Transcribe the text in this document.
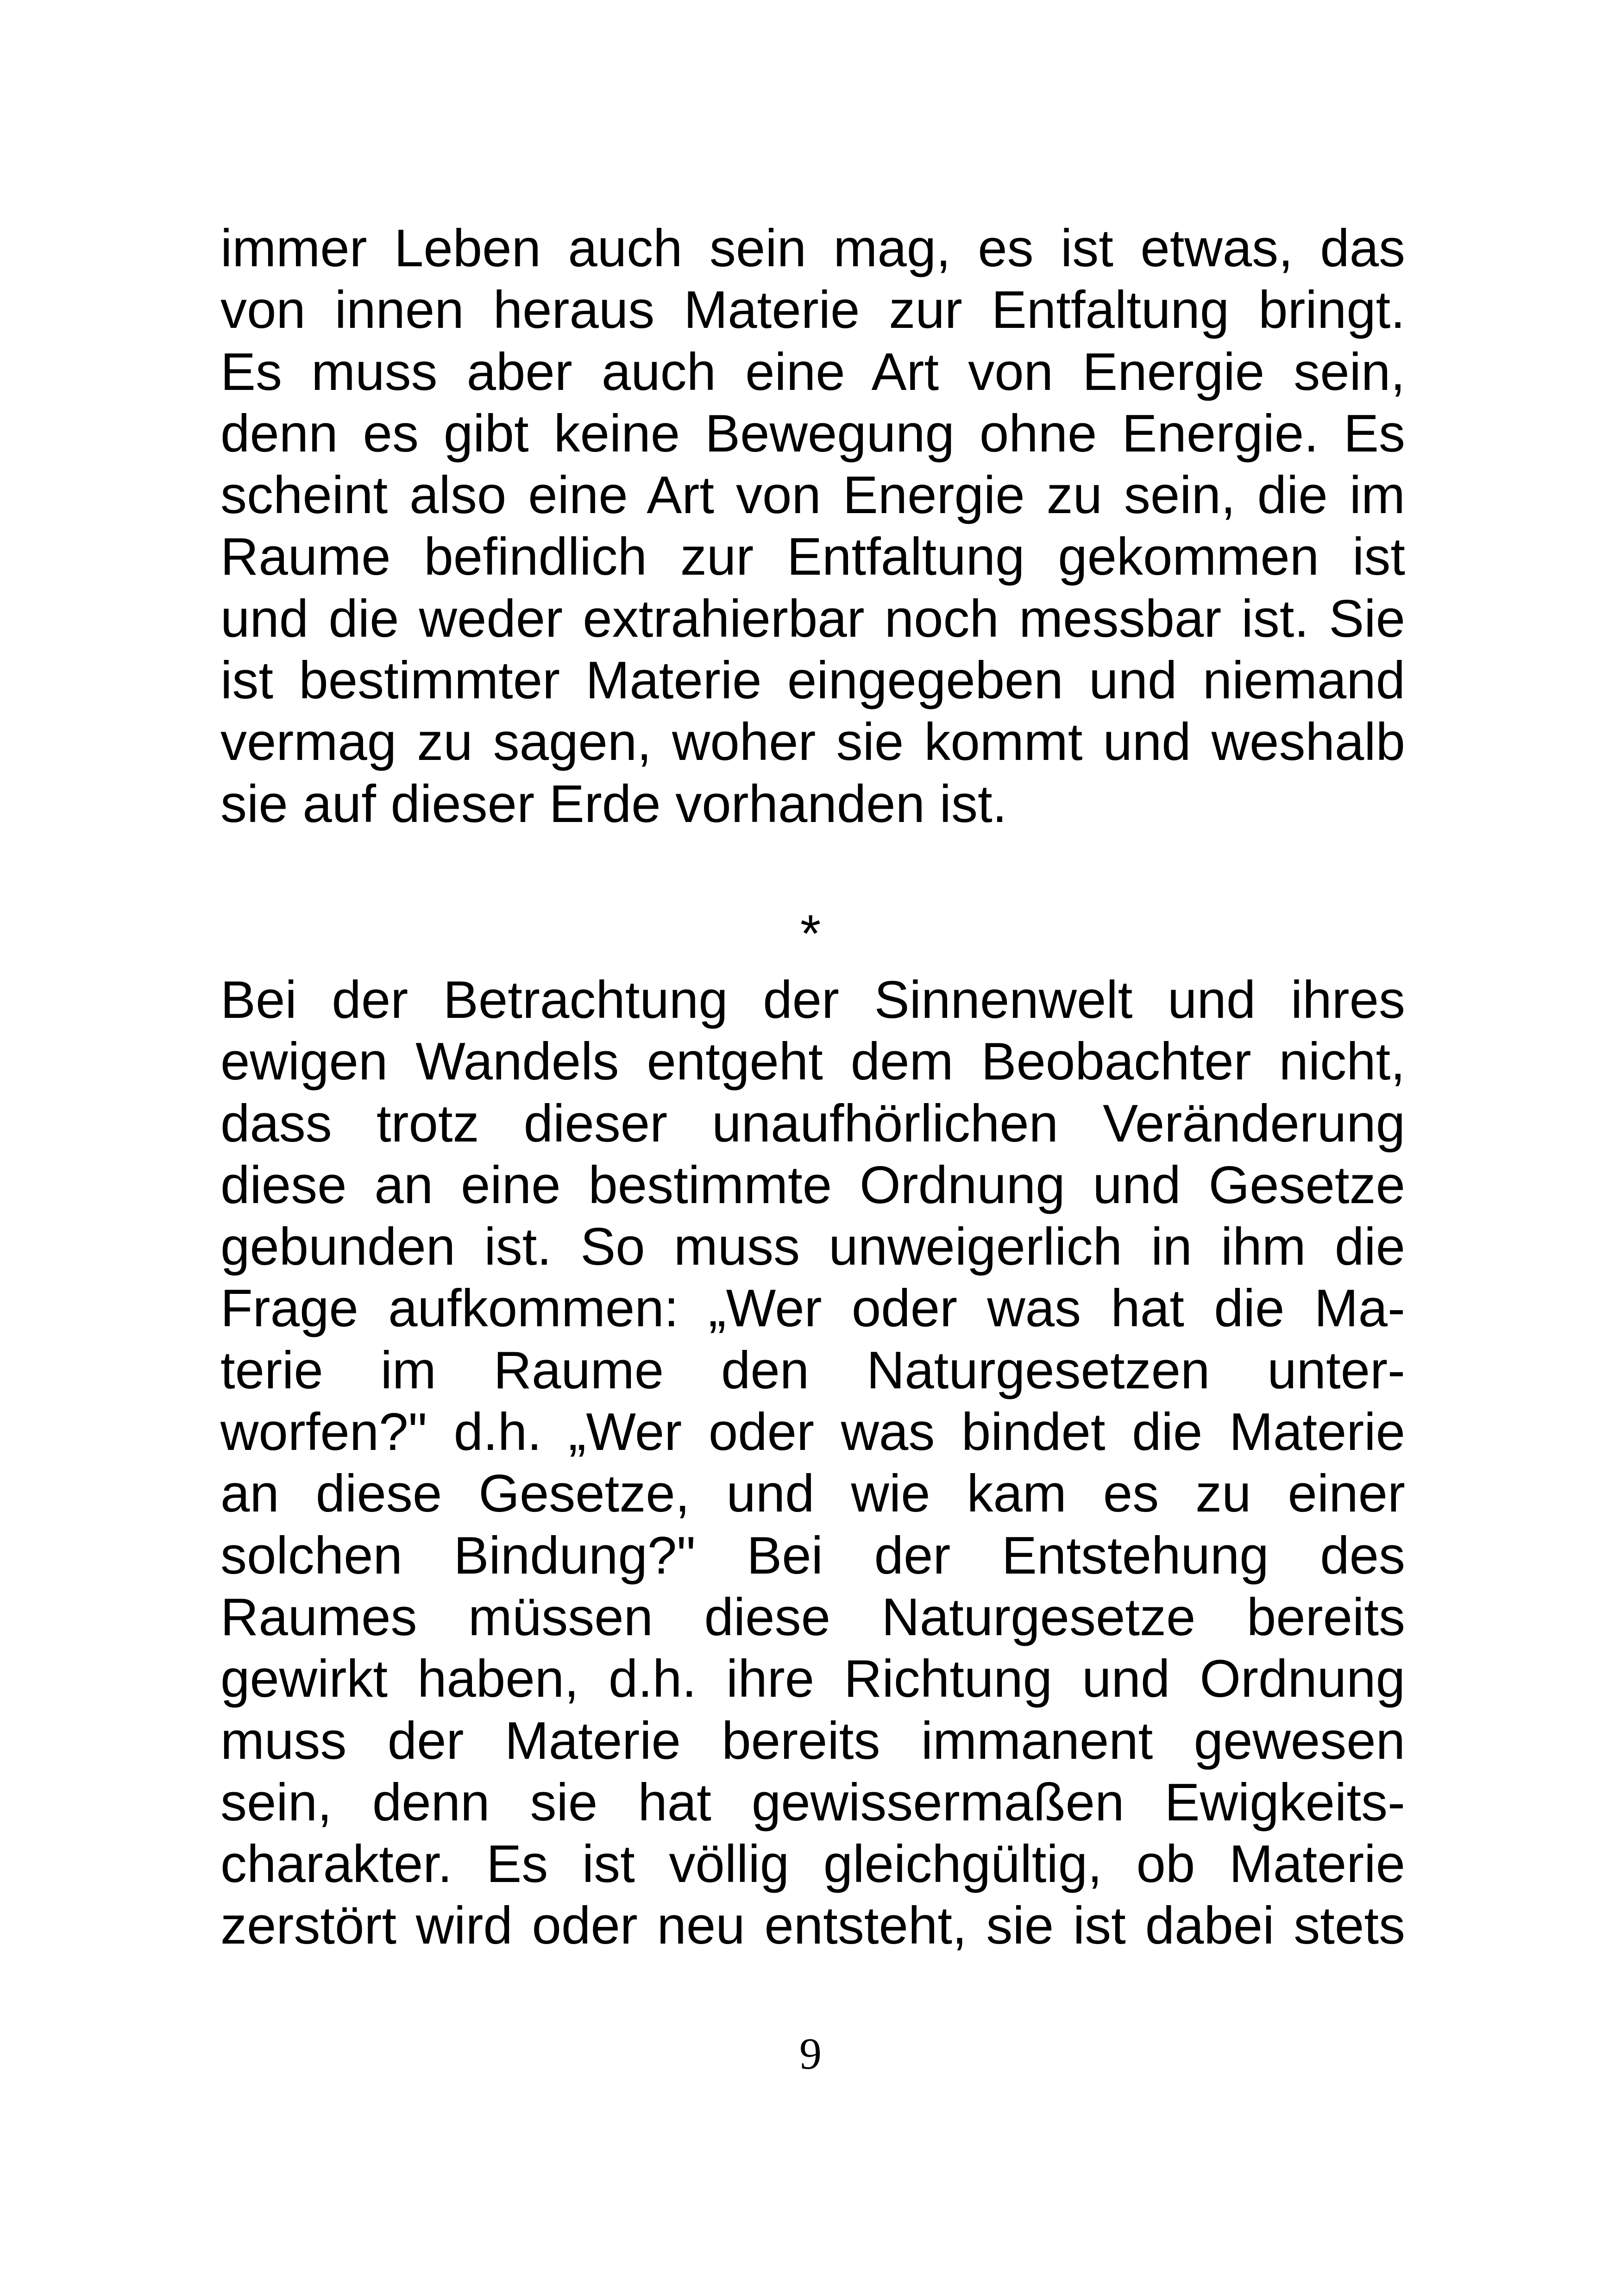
immer Leben auch sein mag, es ist etwas, das
von innen heraus Materie zur Entfaltung bringt.
Es muss aber auch eine Art von Energie sein,
denn es gibt keine Bewegung ohne Energie. Es
scheint also eine Art von Energie zu sein, die im
Raume befindlich zur Entfaltung gekommen ist
und die weder extrahierbar noch messbar ist. Sie
ist bestimmter Materie eingegeben und niemand
vermag zu sagen, woher sie kommt und weshalb
sie auf dieser Erde vorhanden ist.
*
Bei der Betrachtung der Sinnenwelt und ihres
ewigen Wandels entgeht dem Beobachter nicht,
dass trotz dieser unaufhörlichen Veränderung
diese an eine bestimmte Ordnung und Gesetze
gebunden ist. So muss unweigerlich in ihm die
Frage aufkommen: „Wer oder was hat die Ma-
terie im Raume den Naturgesetzen unter-
worfen?" d.h. „Wer oder was bindet die Materie
an diese Gesetze, und wie kam es zu einer
solchen Bindung?" Bei der Entstehung des
Raumes müssen diese Naturgesetze bereits
gewirkt haben, d.h. ihre Richtung und Ordnung
muss der Materie bereits immanent gewesen
sein, denn sie hat gewissermaßen Ewigkeits-
charakter. Es ist völlig gleichgültig, ob Materie
zerstört wird oder neu entsteht, sie ist dabei stets
9
